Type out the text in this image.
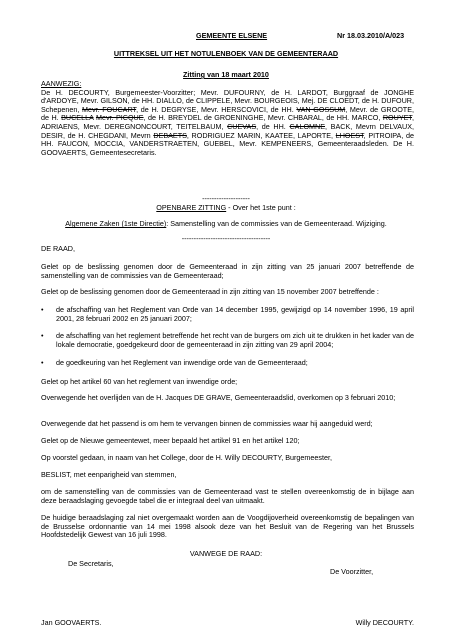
GEMEENTE ELSENE	Nr 18.03.2010/A/023
UITTREKSEL UIT HET NOTULENBOEK VAN DE GEMEENTERAAD
Zitting van 18 maart 2010
AANWEZIG:
De H. DECOURTY, Burgemeester-Voorzitter; Mevr. DUFOURNY, de H. LARDOT, Burggraaf de JONGHE d'ARDOYE, Mevr. GILSON, de HH. DIALLO, de CLIPPELE, Mevr. BOURGEOIS, Mej. DE CLOEDT, de H. DUFOUR, Schepenen, Mevr. FOUCART, de H. DEGRYSE, Mevr. HERSCOVICI, de HH. VAN GOSSUM, Mevr. de GROOTE, de H. BUCELLA Mevr. PICQUE, de H. BREYDEL de GROENINGHE, Mevr. CHBARAL, de HH. MARCO, ROUYET, ADRIAENS, Mevr. DEREGNONCOURT, TEITELBAUM, CUEVAS, de HH. CALOMNE, BACK, Mevrn DELVAUX, DESIR, de H. CHEGDANI, Mevrn DEBAETS, RODRIGUEZ MARIN, KAATEE, LAPORTE, LHOEST, PITROIPA, de HH. FAUCON, MOCCIA, VANDERSTRAETEN, GUEBEL, Mevr. KEMPENEERS, Gemeenteraadsleden. De H. GOOVAERTS, Gemeentesecretaris.
--------------------
OPENBARE ZITTING - Over het 1ste punt :
Algemene Zaken (1ste Directie): Samenstelling van de commissies van de Gemeenteraad. Wijziging.
-------------------------------------
DE RAAD,
Gelet op de beslissing genomen door de Gemeenteraad in zijn zitting van 25 januari 2007 betreffende de samenstelling van de commissies van de Gemeenteraad;
Gelet op de beslissing genomen door de Gemeenteraad in zijn zitting van 15 november 2007 betreffende :
• de afschaffing van het Reglement van Orde van 14 december 1995, gewijzigd op 14 november 1996, 19 april 2001, 28 februari 2002 en 25 januari 2007;
• de afschaffing van het reglement betreffende het recht van de burgers om zich uit te drukken in het kader van de lokale democratie, goedgekeurd door de gemeenteraad in zijn zitting van 29 april 2004;
• de goedkeuring van het Reglement van inwendige orde van de Gemeenteraad;
Gelet op het artikel 60 van het reglement van inwendige orde;
Overwegende het overlijden van de H. Jacques DE GRAVE, Gemeenteraadslid, overkomen op 3 februari 2010;
Overwegende dat het passend is om hem te vervangen binnen de commissies waar hij aangeduid werd;
Gelet op de Nieuwe gemeentewet, meer bepaald het artikel 91 en het artikel 120;
Op voorstel gedaan, in naam van het College, door de H. Willy DECOURTY, Burgemeester,
BESLIST, met eenparigheid van stemmen,
om de samenstelling van de commissies van de Gemeenteraad vast te stellen overeenkomstig de in bijlage aan deze beraadslaging gevoegde tabel die er integraal deel van uitmaakt.
De huidige beraadslaging zal niet overgemaakt worden aan de Voogdijoverheid overeenkomstig de bepalingen van de Brusselse ordonnantie van 14 mei 1998 alsook deze van het Besluit van de Regering van het Brussels Hoofdstedelijk Gewest van 16 juli 1998.
VANWEGE DE RAAD:
De Secretaris,
De Voorzitter,
Jan GOOVAERTS.	Willy DECOURTY.
